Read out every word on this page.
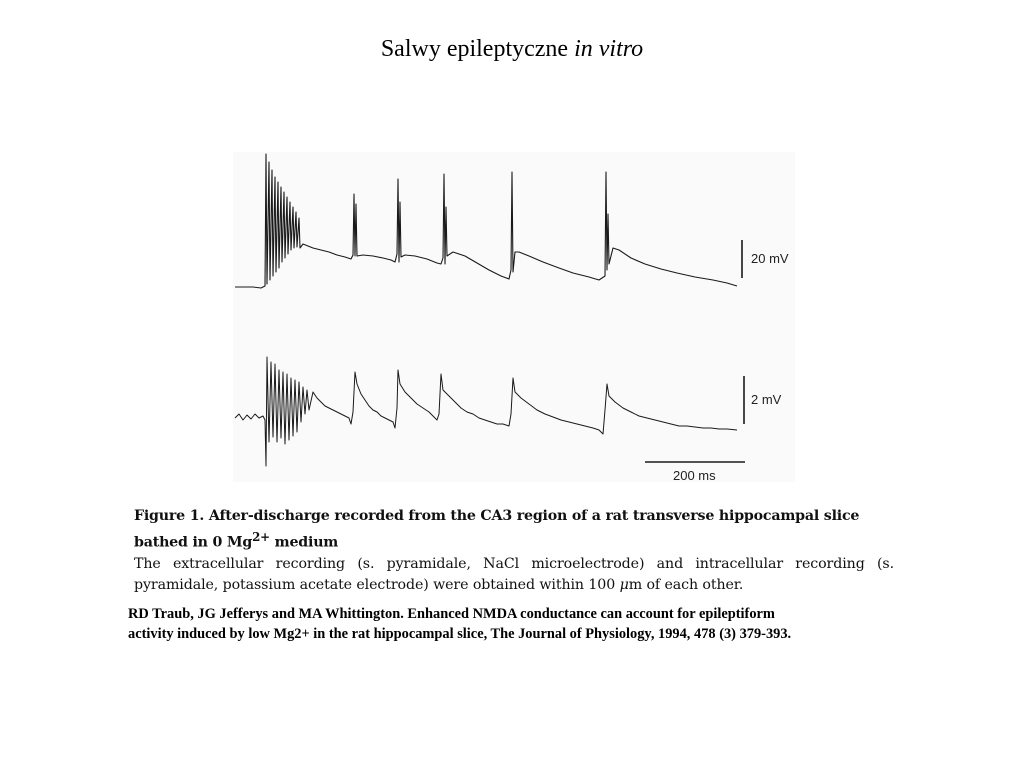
Salwy epileptyczne in vitro
20 mV
2 mV
200 ms
Figure 1. After-discharge recorded from the CA3 region of a rat transverse hippocampal slice
bathed in 0 $Mg^{2+}$ medium
The extracellular recording (s. pyramidale, NaCl microelectrode) and intracellular recording (s. pyramidale, potassium acetate electrode) were obtained within 100 μm of each other.
RD Traub, JG Jefferys and MA Whittington. Enhanced NMDA conductance can account for epileptiform
activity induced by low Mg2+ in the rat hippocampal slice, The Journal of Physiology, 1994, 478 (3) 379-393.
